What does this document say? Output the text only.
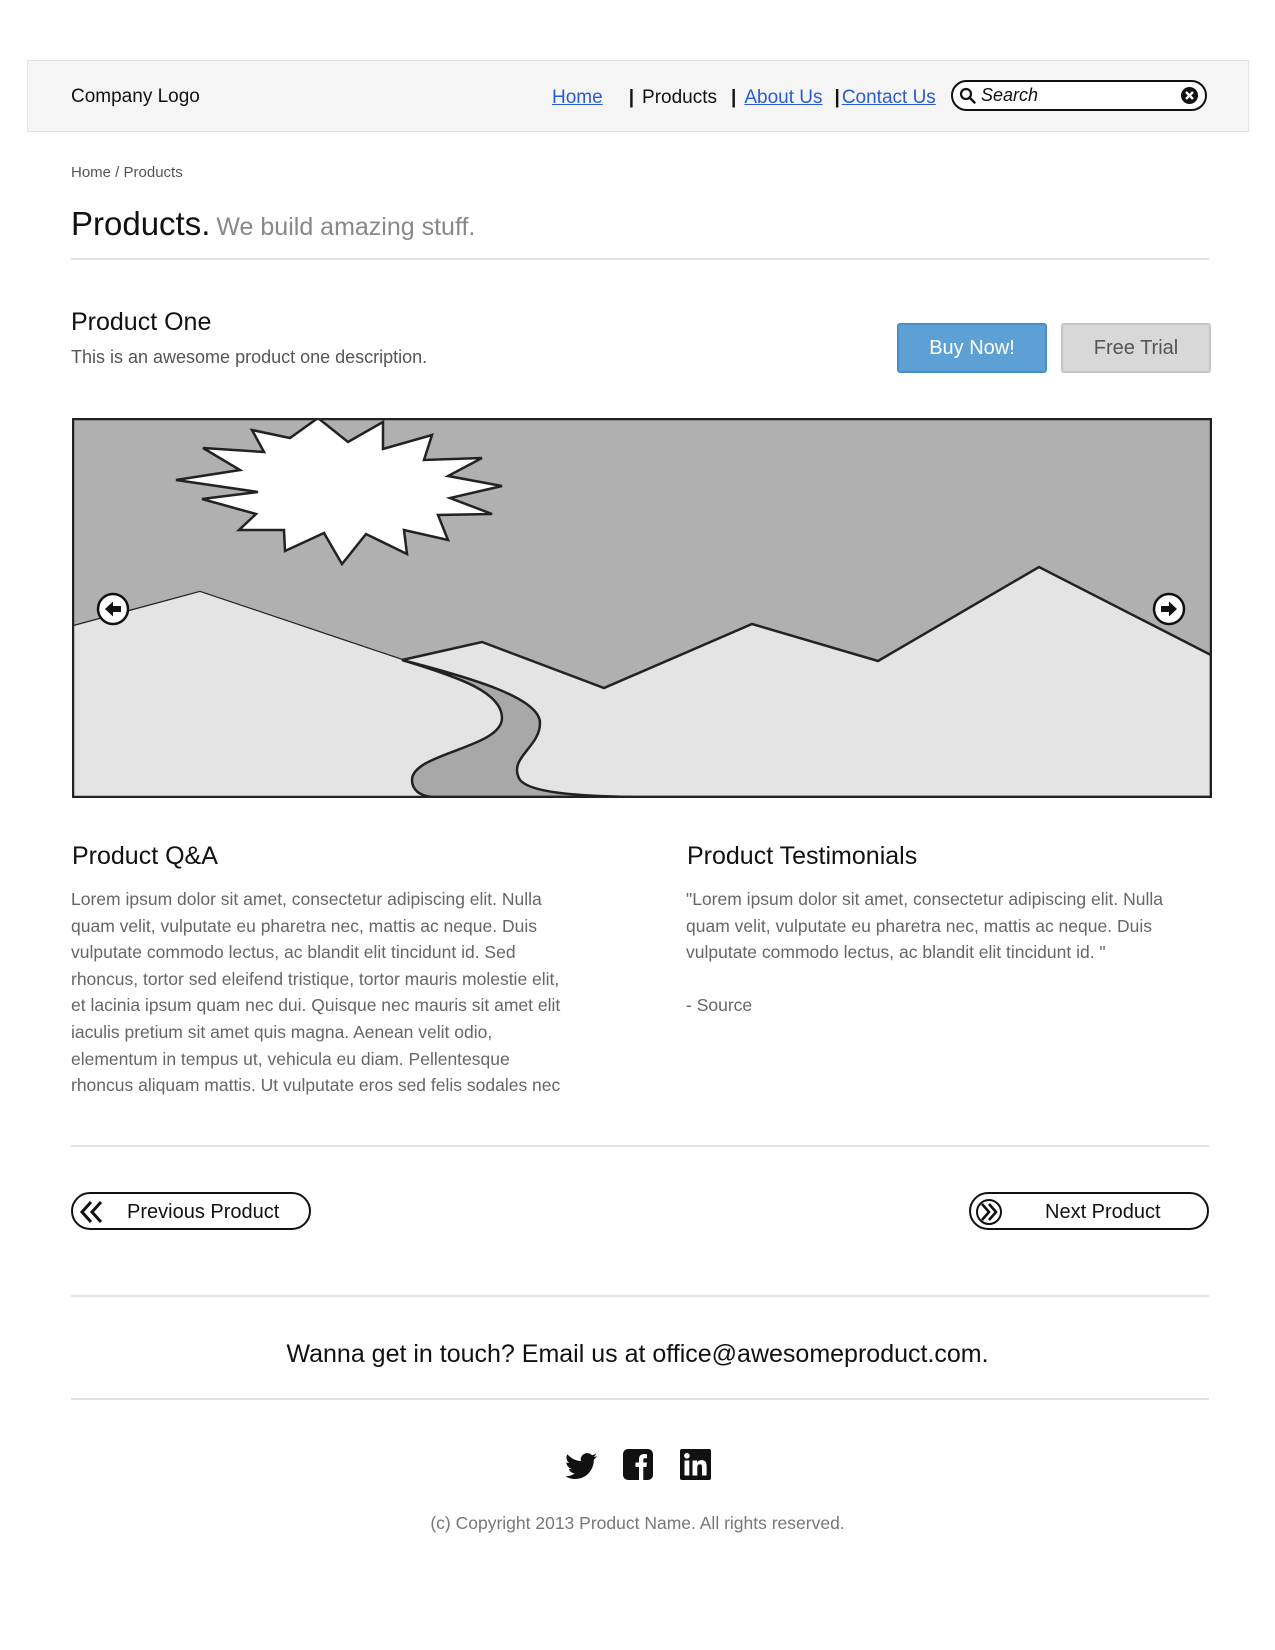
Company Logo	Home | Products | About Us | Contact Us
Search
Home / Products
Products. We build amazing stuff.
Product One
This is an awesome product one description.	Buy Now!	Free Trial
Product Q&A
Lorem ipsum dolor sit amet, consectetur adipiscing elit. Nulla
quam velit, vulputate eu pharetra nec, mattis ac neque. Duis
vulputate commodo lectus, ac blandit elit tincidunt id. Sed
rhoncus, tortor sed eleifend tristique, tortor mauris molestie elit,
et lacinia ipsum quam nec dui. Quisque nec mauris sit amet elit
iaculis pretium sit amet quis magna. Aenean velit odio,
elementum in tempus ut, vehicula eu diam. Pellentesque
rhoncus aliquam mattis. Ut vulputate eros sed felis sodales nec
Product Testimonials
"Lorem ipsum dolor sit amet, consectetur adipiscing elit. Nulla
quam velit, vulputate eu pharetra nec, mattis ac neque. Duis
vulputate commodo lectus, ac blandit elit tincidunt id. "
- Source
Previous Product	Next Product
Wanna get in touch? Email us at office@awesomeproduct.com.
(c) Copyright 2013 Product Name. All rights reserved.
